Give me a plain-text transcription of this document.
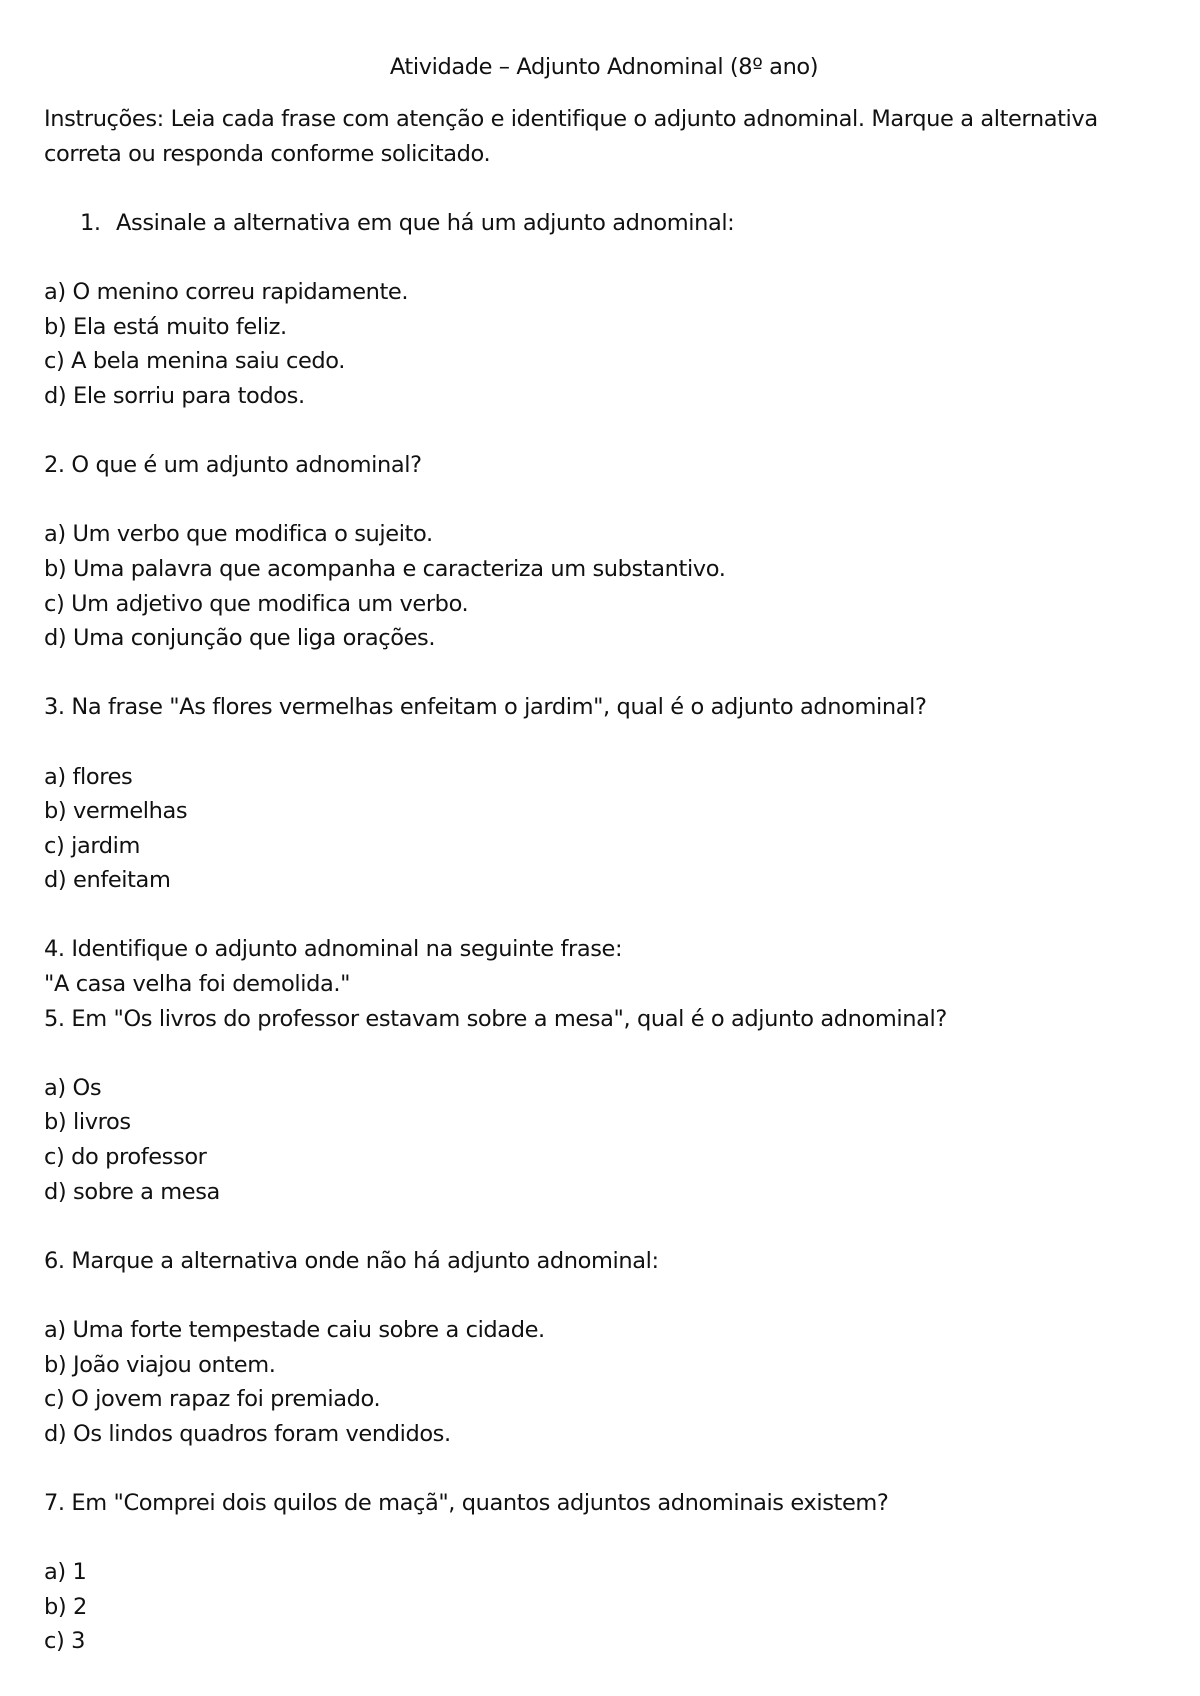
Atividade – Adjunto Adnominal (8º ano)
Instruções: Leia cada frase com atenção e identifique o adjunto adnominal. Marque a alternativa correta ou responda conforme solicitado.
1. Assinale a alternativa em que há um adjunto adnominal:
a) O menino correu rapidamente.
b) Ela está muito feliz.
c) A bela menina saiu cedo.
d) Ele sorriu para todos.
2. O que é um adjunto adnominal?
a) Um verbo que modifica o sujeito.
b) Uma palavra que acompanha e caracteriza um substantivo.
c) Um adjetivo que modifica um verbo.
d) Uma conjunção que liga orações.
3. Na frase "As flores vermelhas enfeitam o jardim", qual é o adjunto adnominal?
a) flores
b) vermelhas
c) jardim
d) enfeitam
4. Identifique o adjunto adnominal na seguinte frase:
"A casa velha foi demolida."
5. Em "Os livros do professor estavam sobre a mesa", qual é o adjunto adnominal?
a) Os
b) livros
c) do professor
d) sobre a mesa
6. Marque a alternativa onde não há adjunto adnominal:
a) Uma forte tempestade caiu sobre a cidade.
b) João viajou ontem.
c) O jovem rapaz foi premiado.
d) Os lindos quadros foram vendidos.
7. Em "Comprei dois quilos de maçã", quantos adjuntos adnominais existem?
a) 1
b) 2
c) 3
